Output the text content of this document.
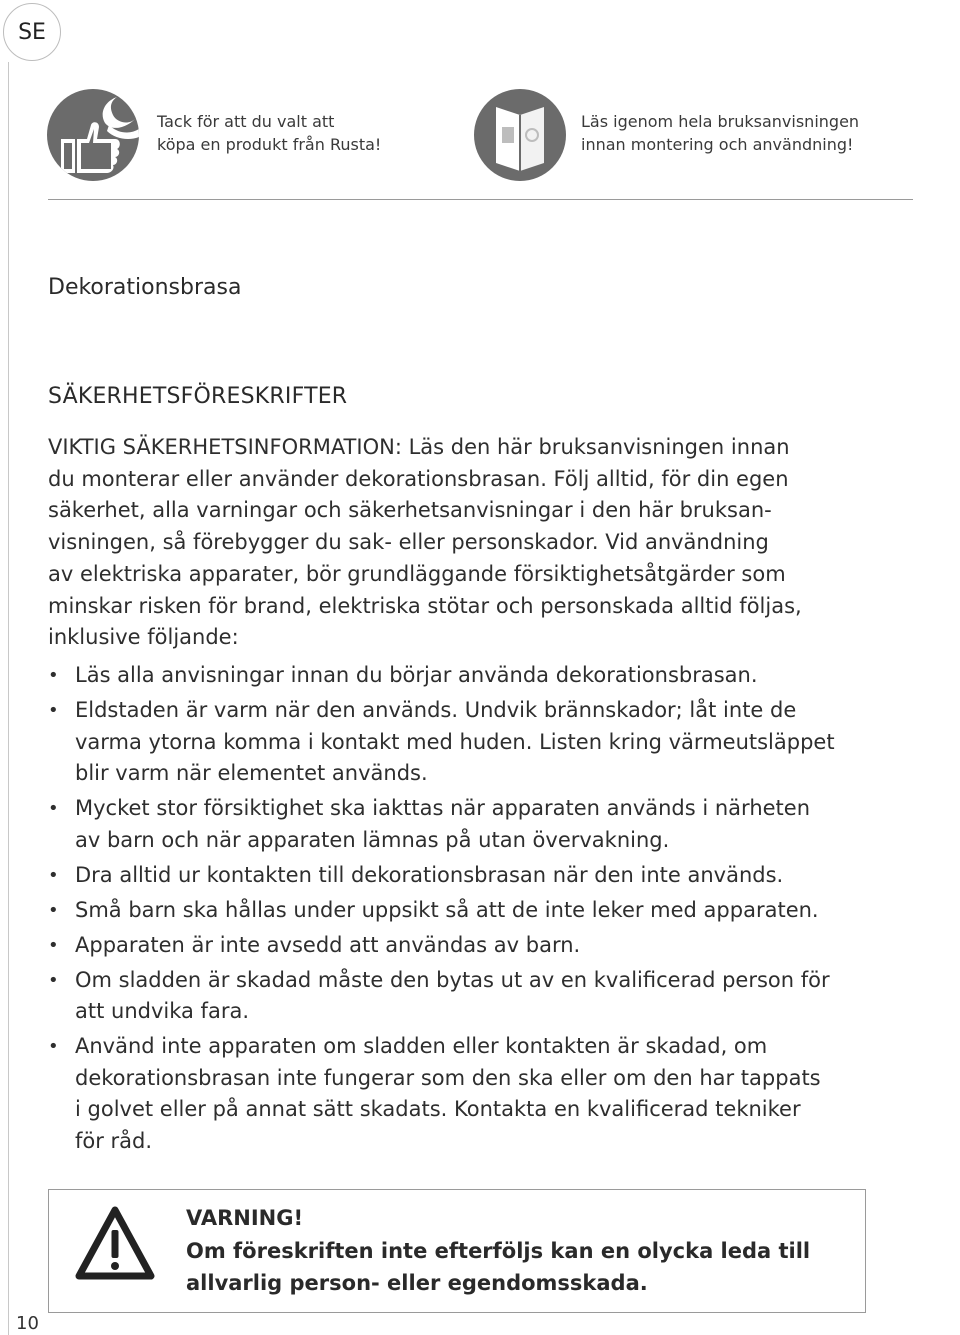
SE
Tack för att du valt att
köpa en produkt från Rusta!
Läs igenom hela bruksanvisningen
innan montering och användning!
Dekorationsbrasa
SÄKERHETSFÖRESKRIFTER
VIKTIG SÄKERHETSINFORMATION: Läs den här bruksanvisningen innan
du monterar eller använder dekorationsbrasan. Följ alltid, för din egen
säkerhet, alla varningar och säkerhetsanvisningar i den här bruksan-
visningen, så förebygger du sak- eller personskador. Vid användning
av elektriska apparater, bör grundläggande försiktighetsåtgärder som
minskar risken för brand, elektriska stötar och personskada alltid följas,
inklusive följande:
• Läs alla anvisningar innan du börjar använda dekorationsbrasan.
• Eldstaden är varm när den används. Undvik brännskador; låt inte de
varma ytorna komma i kontakt med huden. Listen kring värmeutsläppet
blir varm när elementet används.
• Mycket stor försiktighet ska iakttas när apparaten används i närheten
av barn och när apparaten lämnas på utan övervakning.
• Dra alltid ur kontakten till dekorationsbrasan när den inte används.
• Små barn ska hållas under uppsikt så att de inte leker med apparaten.
• Apparaten är inte avsedd att användas av barn.
• Om sladden är skadad måste den bytas ut av en kvalificerad person för
att undvika fara.
• Använd inte apparaten om sladden eller kontakten är skadad, om
dekorationsbrasan inte fungerar som den ska eller om den har tappats
i golvet eller på annat sätt skadats. Kontakta en kvalificerad tekniker
för råd.
VARNING!
Om föreskriften inte efterföljs kan en olycka leda till
allvarlig person- eller egendomsskada.
10
